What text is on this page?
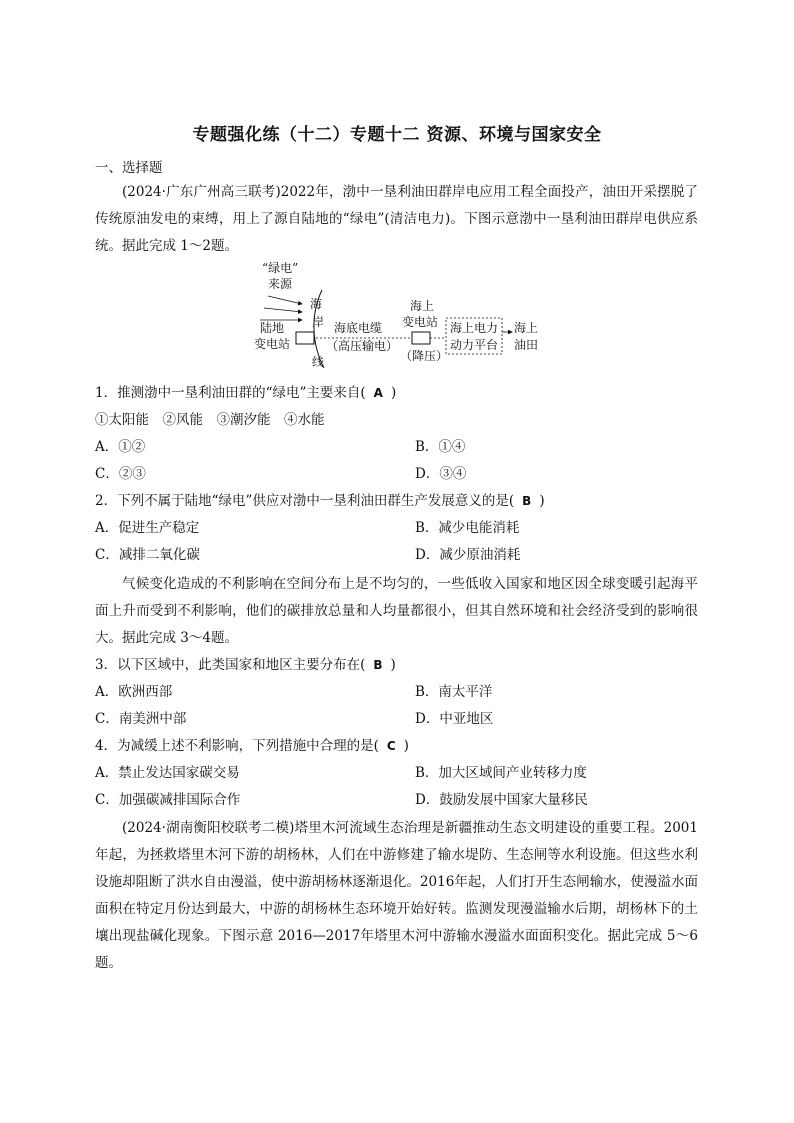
专题强化练（十二）专题十二 资源、环境与国家安全
一、选择题
(2024·广东广州高三联考)2022年，渤中一垦利油田群岸电应用工程全面投产，油田开采摆脱了传统原油发电的束缚，用上了源自陆地的“绿电”(清洁电力)。下图示意渤中一垦利油田群岸电供应系统。据此完成 1～2题。
“绿电”
来源
海
岸
线
陆地
变电站
海底电缆
（高压输电）
海上
变电站
（降压）
海上电力
动力平台
海上
油田
1．推测渤中一垦利油田群的“绿电”主要来自( A )
①太阳能　②风能　③潮汐能　④水能
A．①②	B．①④
C．②③	D．③④
2．下列不属于陆地“绿电”供应对渤中一垦利油田群生产发展意义的是( B )
A．促进生产稳定	B．减少电能消耗
C．减排二氧化碳	D．减少原油消耗
气候变化造成的不利影响在空间分布上是不均匀的，一些低收入国家和地区因全球变暖引起海平面上升而受到不利影响，他们的碳排放总量和人均量都很小，但其自然环境和社会经济受到的影响很大。据此完成 3～4题。
3．以下区域中，此类国家和地区主要分布在( B )
A．欧洲西部	B．南太平洋
C．南美洲中部	D．中亚地区
4．为减缓上述不利影响，下列措施中合理的是( C )
A．禁止发达国家碳交易	B．加大区域间产业转移力度
C．加强碳减排国际合作	D．鼓励发展中国家大量移民
(2024·湖南衡阳校联考二模)塔里木河流域生态治理是新疆推动生态文明建设的重要工程。2001年起，为拯救塔里木河下游的胡杨林，人们在中游修建了输水堤防、生态闸等水利设施。但这些水利设施却阻断了洪水自由漫溢，使中游胡杨林逐渐退化。2016年起，人们打开生态闸输水，使漫溢水面面积在特定月份达到最大，中游的胡杨林生态环境开始好转。监测发现漫溢输水后期，胡杨林下的土壤出现盐碱化现象。下图示意 2016—2017年塔里木河中游输水漫溢水面面积变化。据此完成 5～6题。
